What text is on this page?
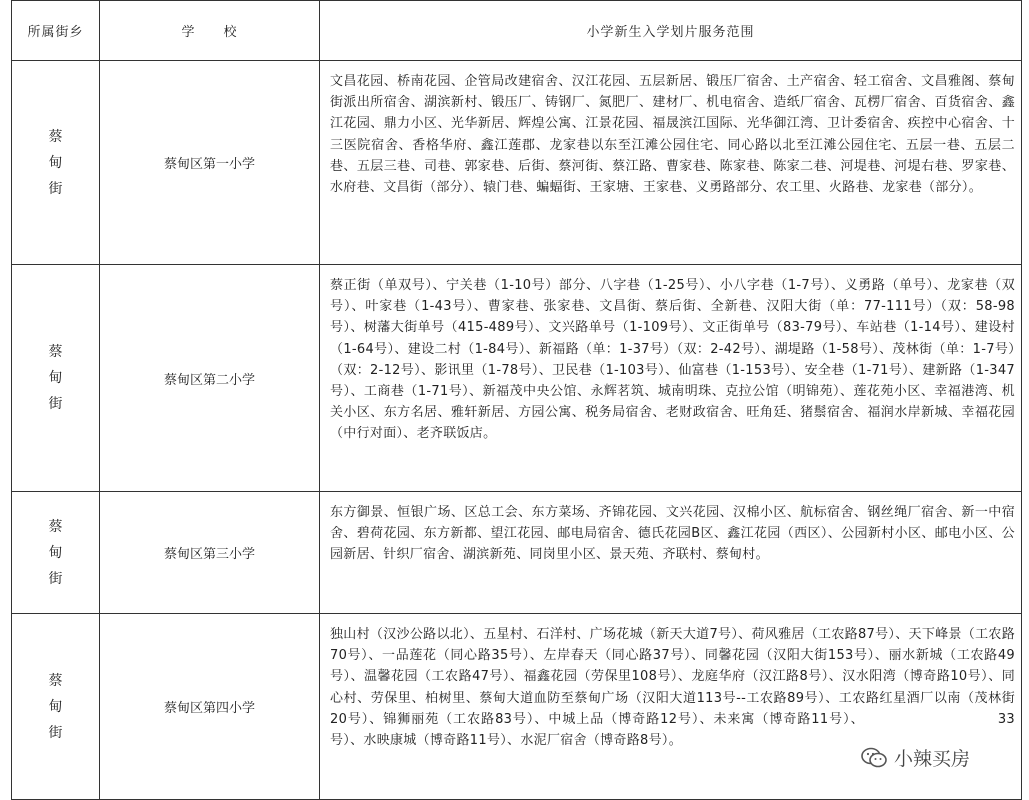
所属街乡	学　　校	小学新生入学划片服务范围
蔡甸街	蔡甸区第一小学	文昌花园、桥南花园、企管局改建宿舍、汉江花园、五层新居、锻压厂宿舍、土产宿舍、轻工宿舍、文昌雅阁、蔡甸街派出所宿舍、湖滨新村、锻压厂、铸钢厂、氮肥厂、建材厂、机电宿舍、造纸厂宿舍、瓦楞厂宿舍、百货宿舍、鑫江花园、鼎力小区、光华新居、辉煌公寓、江景花园、福晟滨江国际、光华御江湾、卫计委宿舍、疾控中心宿舍、十三医院宿舍、香格华府、鑫江莲郡、龙家巷以东至江滩公园住宅、同心路以北至江滩公园住宅、五层一巷、五层二巷、五层三巷、司巷、郭家巷、后街、蔡河街、蔡江路、曹家巷、陈家巷、陈家二巷、河堤巷、河堤右巷、罗家巷、水府巷、文昌街（部分）、辕门巷、蝙蝠街、王家塘、王家巷、义勇路部分、农工里、火路巷、龙家巷（部分）。
蔡甸街	蔡甸区第二小学	蔡正街（单双号）、宁关巷（1-10号）部分、八字巷（1-25号）、小八字巷（1-7号）、义勇路（单号）、龙家巷（双号）、叶家巷（1-43号）、曹家巷、张家巷、文昌街、蔡后街、全新巷、汉阳大街（单：77-111号）（双：58-98号）、树藩大街单号（415-489号）、文兴路单号（1-109号）、文正街单号（83-79号）、车站巷（1-14号）、建设村（1-64号）、建设二村（1-84号）、新福路（单：1-37号）（双：2-42号）、湖堤路（1-58号）、茂林街（单：1-7号）（双：2-12号）、影讯里（1-78号）、卫民巷（1-103号）、仙富巷（1-153号）、安全巷（1-71号）、建新路（1-347号）、工商巷（1-71号）、新福茂中央公馆、永辉茗筑、城南明珠、克拉公馆（明锦苑）、莲花苑小区、幸福港湾、机关小区、东方名居、雅轩新居、方园公寓、税务局宿舍、老财政宿舍、旺角廷、猪鬃宿舍、福润水岸新城、幸福花园（中行对面）、老齐联饭店。
蔡甸街	蔡甸区第三小学	东方御景、恒银广场、区总工会、东方菜场、齐锦花园、文兴花园、汉棉小区、航标宿舍、钢丝绳厂宿舍、新一中宿舍、碧荷花园、东方新都、望江花园、邮电局宿舍、德氏花园B区、鑫江花园（西区）、公园新村小区、邮电小区、公园新居、针织厂宿舍、湖滨新苑、同岗里小区、景天苑、齐联村、蔡甸村。
蔡甸街	蔡甸区第四小学	独山村（汉沙公路以北）、五星村、石洋村、广场花城（新天大道7号）、荷风雅居（工农路87号）、天下峰景（工农路70号）、一品莲花（同心路35号）、左岸春天（同心路37号）、同馨花园（汉阳大街153号）、丽水新城（工农路49号）、温馨花园（工农路47号）、福鑫花园（劳保里108号）、龙庭华府（汉江路8号）、汉水阳湾（博奇路10号）、同心村、劳保里、柏树里、蔡甸大道血防至蔡甸广场（汉阳大道113号--工农路89号）、工农路红星酒厂以南（茂林街20号）、锦狮丽苑（工农路83号）、中城上品（博奇路12号）、未来寓（博奇路11号）、　　　　　　　　　　33号）、水映康城（博奇路11号）、水泥厂宿舍（博奇路8号）。
小辣买房
